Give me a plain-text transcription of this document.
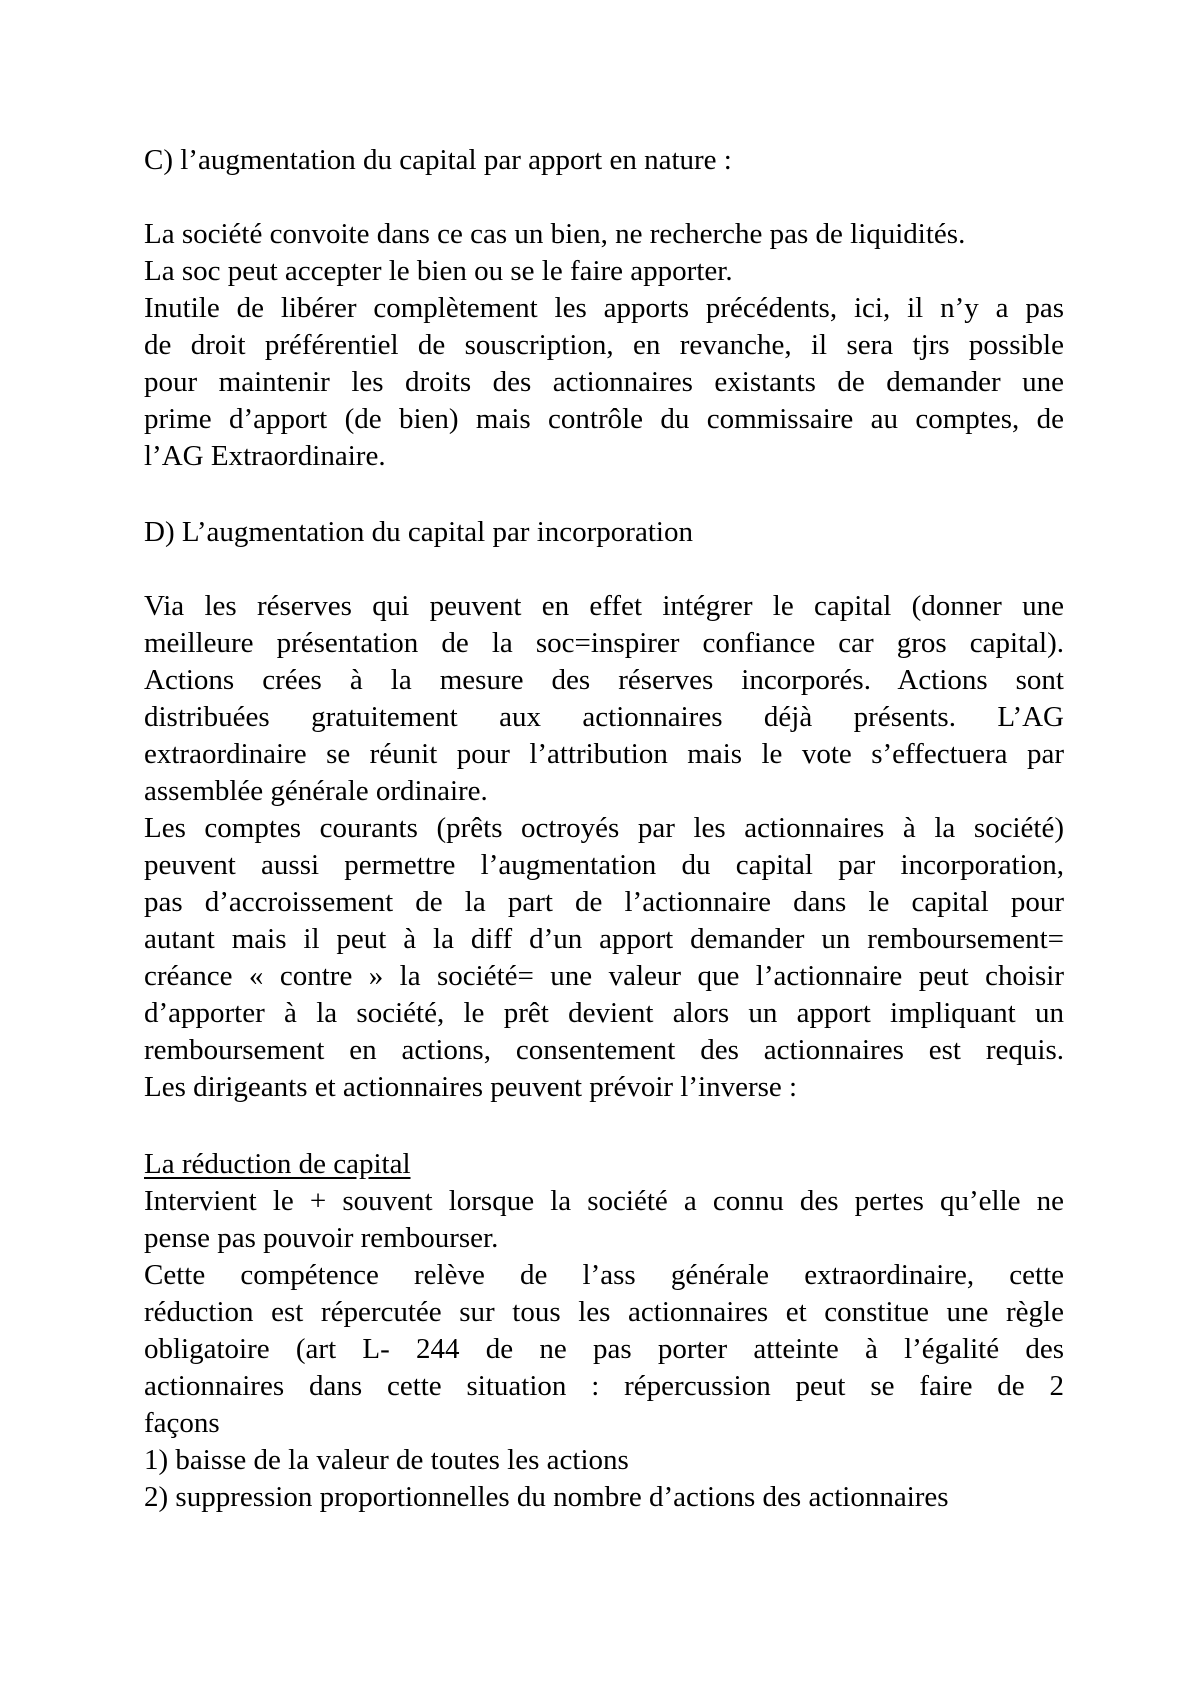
C) l’augmentation du capital par apport en nature :
La société convoite dans ce cas un bien, ne recherche pas de liquidités.
La soc peut accepter le bien ou se le faire apporter.
Inutile de libérer complètement les apports précédents, ici, il n’y a pas
de droit préférentiel de souscription, en revanche, il sera tjrs possible
pour maintenir les droits des actionnaires existants de demander une
prime d’apport (de bien) mais contrôle du commissaire au comptes, de
l’AG Extraordinaire.
D) L’augmentation du capital par incorporation
Via les réserves qui peuvent en effet intégrer le capital (donner une
meilleure présentation de la soc=inspirer confiance car gros capital).
Actions crées à la mesure des réserves incorporés. Actions sont
distribuées gratuitement aux actionnaires déjà présents. L’AG
extraordinaire se réunit pour l’attribution mais le vote s’effectuera par
assemblée générale ordinaire.
Les comptes courants (prêts octroyés par les actionnaires à la société)
peuvent aussi permettre l’augmentation du capital par incorporation,
pas d’accroissement de la part de l’actionnaire dans le capital pour
autant mais il peut à la diff d’un apport demander un remboursement=
créance « contre » la société= une valeur que l’actionnaire peut choisir
d’apporter à la société, le prêt devient alors un apport impliquant un
remboursement en actions, consentement des actionnaires est requis.
Les dirigeants et actionnaires peuvent prévoir l’inverse :
La réduction de capital
Intervient le + souvent lorsque la société a connu des pertes qu’elle ne
pense pas pouvoir rembourser.
Cette compétence relève de l’ass générale extraordinaire, cette
réduction est répercutée sur tous les actionnaires et constitue une règle
obligatoire (art L- 244 de ne pas porter atteinte à l’égalité des
actionnaires dans cette situation : répercussion peut se faire de 2
façons
1) baisse de la valeur de toutes les actions
2) suppression proportionnelles du nombre d’actions des actionnaires
